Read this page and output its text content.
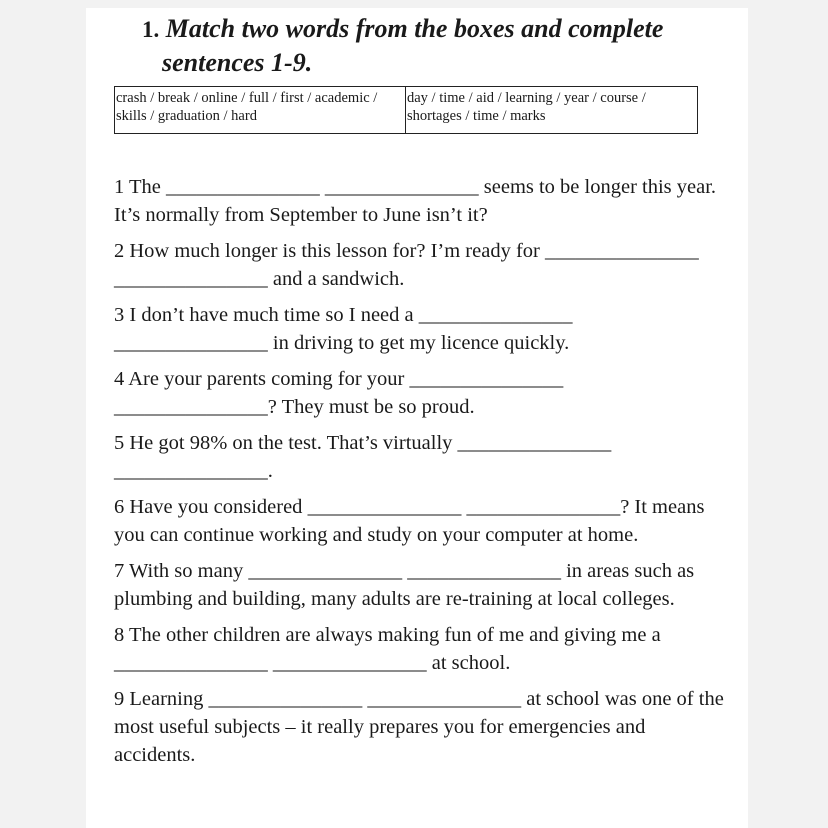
1. Match two words from the boxes and complete
sentences 1-9.
crash / break / online / full / first / academic / skills / graduation / hard
day / time / aid / learning / year / course / shortages / time / marks
1 The _______________ _______________ seems to be longer this year. It’s normally from September to June isn’t it?
2 How much longer is this lesson for? I’m ready for _______________ _______________ and a sandwich.
3 I don’t have much time so I need a _______________ _______________ in driving to get my licence quickly.
4 Are your parents coming for your _______________ _______________? They must be so proud.
5 He got 98% on the test. That’s virtually _______________ _______________.
6 Have you considered _______________ _______________? It means you can continue working and study on your computer at home.
7 With so many _______________ _______________ in areas such as plumbing and building, many adults are re-training at local colleges.
8 The other children are always making fun of me and giving me a _______________ _______________ at school.
9 Learning _______________ _______________ at school was one of the most useful subjects – it really prepares you for emergencies and accidents.
